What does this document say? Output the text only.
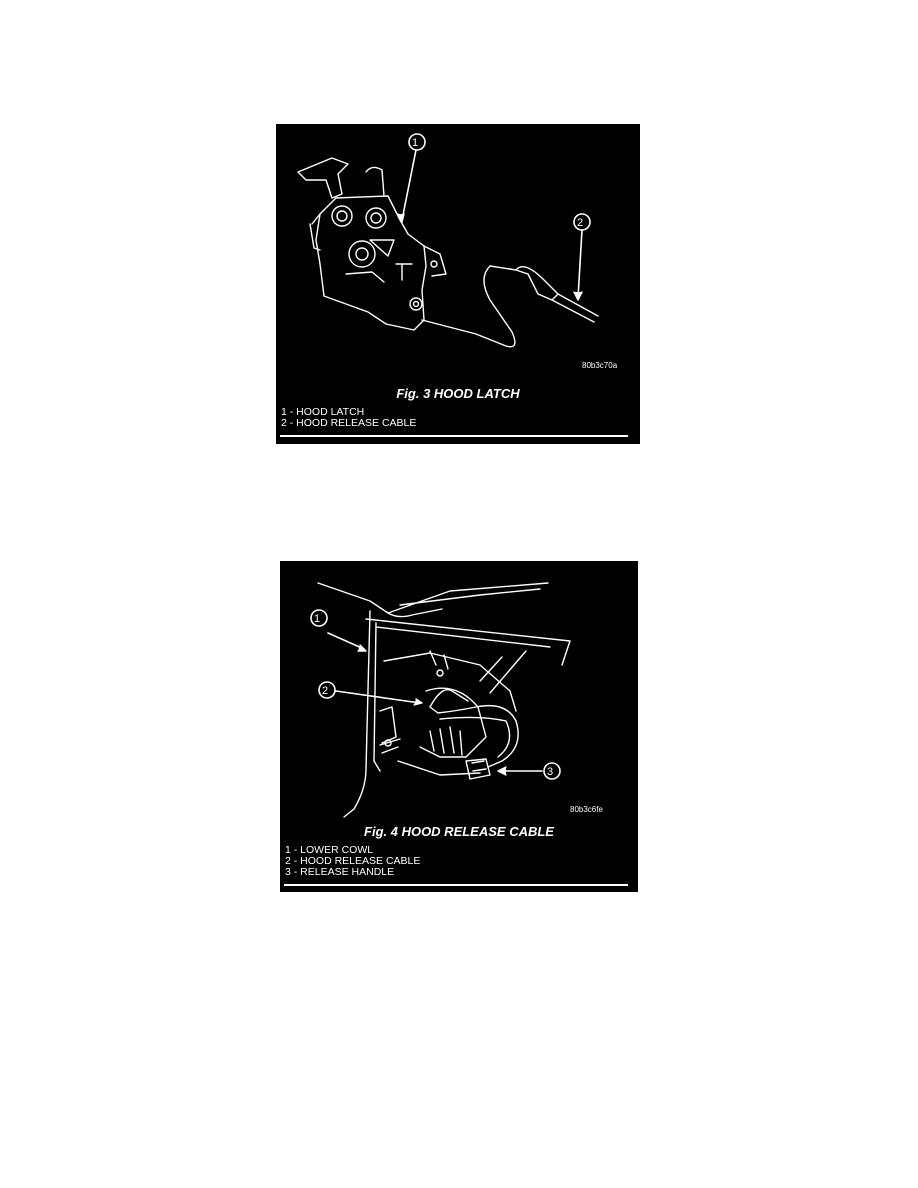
1
2
80b3c70a
Fig. 3 HOOD LATCH
1 - HOOD LATCH
2 - HOOD RELEASE CABLE
1
2
3
80b3c6fe
Fig. 4 HOOD RELEASE CABLE
1 - LOWER COWL
2 - HOOD RELEASE CABLE
3 - RELEASE HANDLE
